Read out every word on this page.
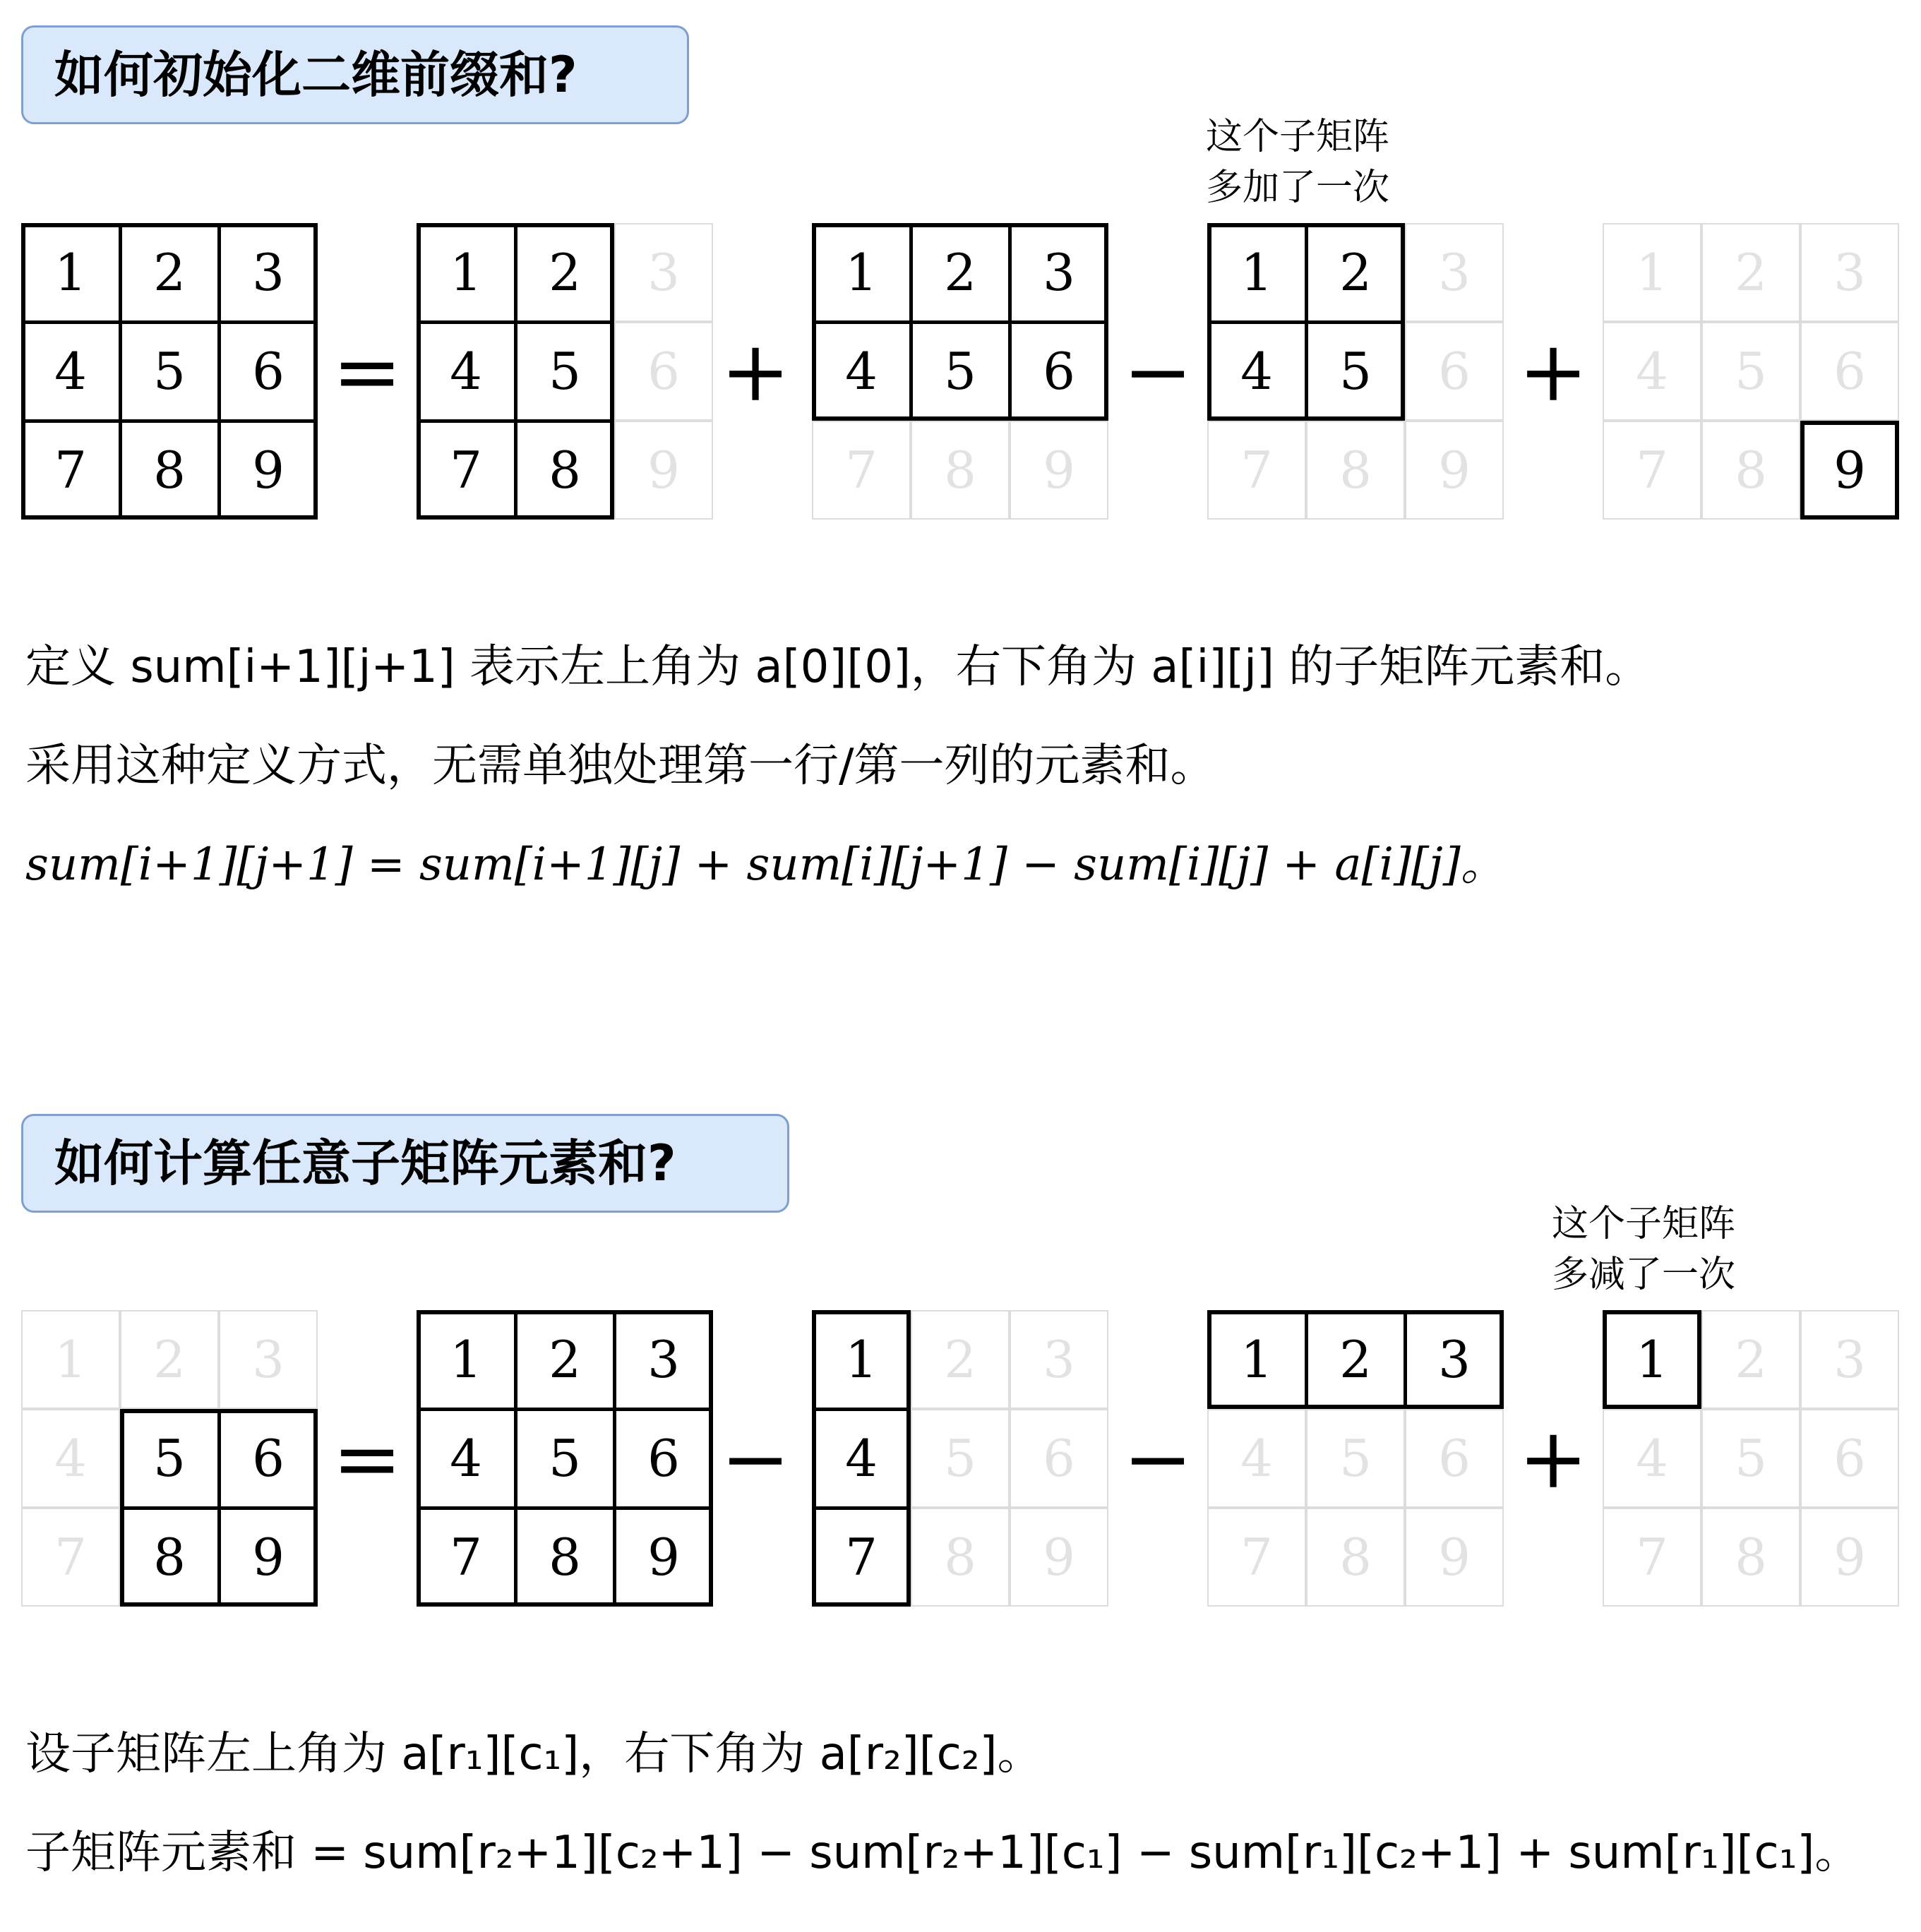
如何初始化二维前缀和?
1	2	3
4	5	6
7	8	9
1	2	3
4	5	6
7	8	9
1	2	3
4	5	6
7	8	9
1	2	3
4	5	6
7	8	9
1	2	3
4	5	6
7	8	9
=	+	−	+
这个子矩阵
多加了一次
定义 sum[i+1][j+1] 表示左上角为 a[0][0]，右下角为 a[i][j] 的子矩阵元素和。
采用这种定义方式，无需单独处理第一行/第一列的元素和。
sum[i+1][j+1] = sum[i+1][j] + sum[i][j+1] − sum[i][j] + a[i][j]。
如何计算任意子矩阵元素和?
1	2	3
4	5	6
7	8	9
1	2	3
4	5	6
7	8	9
1	2	3
4	5	6
7	8	9
1	2	3
4	5	6
7	8	9
1	2	3
4	5	6
7	8	9
=	−	−	+
这个子矩阵
多减了一次
设子矩阵左上角为 a[r₁][c₁]，右下角为 a[r₂][c₂]。
子矩阵元素和 = sum[r₂+1][c₂+1] − sum[r₂+1][c₁] − sum[r₁][c₂+1] + sum[r₁][c₁]。
